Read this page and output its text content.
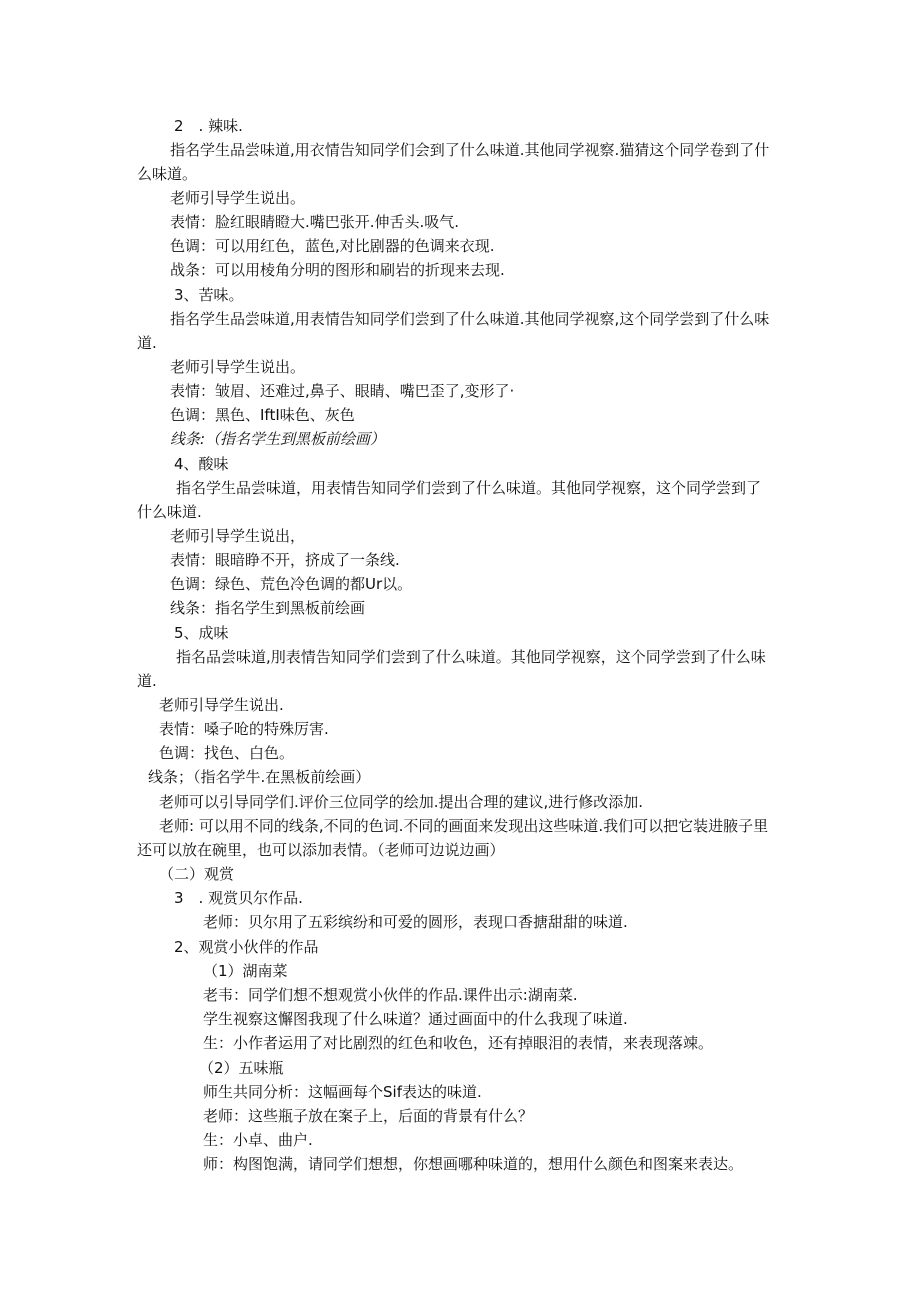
2　. 辣味.
指名学生品尝味道,用衣情告知同学们会到了什么味道.其他同学视察.猫猜这个同学卷到了什
么味道。
老师引导学生说出。
表情：脸红眼睛瞪大.嘴巴张开.伸舌头.吸气.
色调：可以用红色，蓝色,对比剧器的色调来衣现.
战条：可以用棱角分明的图形和刷岩的折现来去现.
3、苦味。
指名学生品尝味道,用表情告知同学们尝到了什么味道.其他同学视察,这个同学尝到了什么味
道.
老师引导学生说出。
表情：皱眉、还难过,鼻子、眼睛、嘴巴歪了,变形了·
色调：黑色、IftI味色、灰色
线条:（指名学生到黑板前绘画）
4、酸味
指名学生品尝味道，用表情告知同学们尝到了什么味道。其他同学视察，这个同学尝到了
什么味道.
老师引导学生说出，
表情：眼暗睁不开，挤成了一条线.
色调：绿色、荒色冷色调的都Ur以。
线条：指名学生到黑板前绘画
5、成味
指名品尝味道,刖表情告知同学们尝到了什么味道。其他同学视察，这个同学尝到了什么味
道.
老师引导学生说出.
表情：嗓子呛的特殊厉害.
色调：找色、白色。
线条；（指名学牛.在黑板前绘画）
老师可以引导同学们.评价三位同学的绘加.提出合理的建议,进行修改添加.
老师: 可以用不同的线条,不同的色词.不同的画面来发现出这些味道.我们可以把它装进腋子里
还可以放在碗里，也可以添加表情。（老师可边说边画）
（二）观赏
3　. 观赏贝尔作品.
老师：贝尔用了五彩缤纷和可爱的圆形，表现口香搪甜甜的味道.
2、观赏小伙伴的作品
（1）湖南菜
老韦：同学们想不想观赏小伙伴的作品.课件出示:湖南菜.
学生视察这懈图我现了什么味道？通过画面中的什么我现了味道.
生：小作者运用了对比剧烈的红色和收色，还有掉眼泪的表情，来表现落竦。
（2）五味瓶
师生共同分析：这幅画每个Sif表达的味道.
老师：这些瓶子放在案子上，后面的背景有什么？
生：小卓、曲户.
师：构图饱满，请同学们想想，你想画哪种味道的，想用什么颜色和图案来表达。
